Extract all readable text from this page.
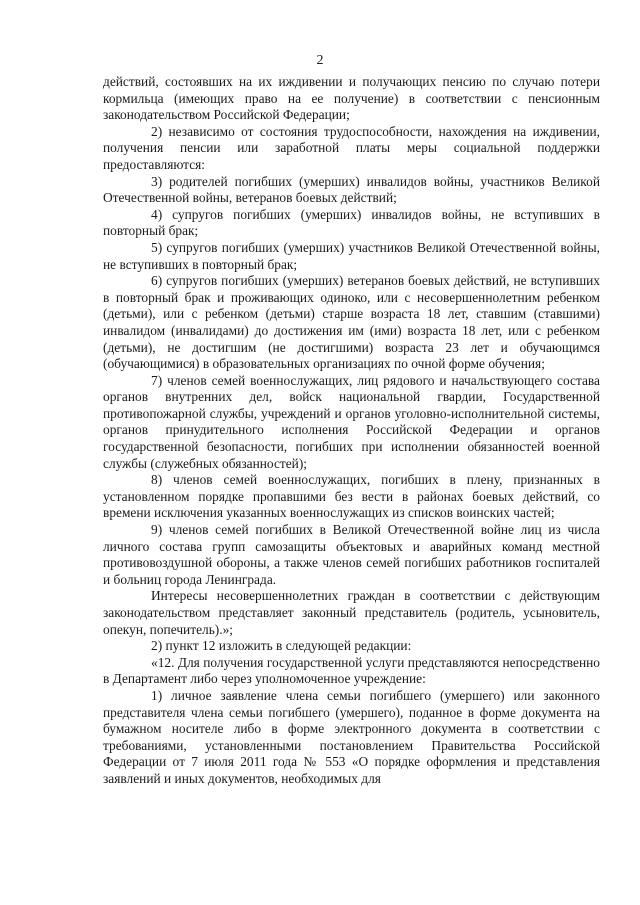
2

действий, состоявших на их иждивении и получающих пенсию по случаю потери кормильца (имеющих право на ее получение) в соответствии с пенсионным законодательством Российской Федерации;

2) независимо от состояния трудоспособности, нахождения на иждивении, получения пенсии или заработной платы меры социальной поддержки предоставляются:

3) родителей погибших (умерших) инвалидов войны, участников Великой Отечественной войны, ветеранов боевых действий;

4) супругов погибших (умерших) инвалидов войны, не вступивших в повторный брак;

5) супругов погибших (умерших) участников Великой Отечественной войны, не вступивших в повторный брак;

6) супругов погибших (умерших) ветеранов боевых действий, не вступивших в повторный брак и проживающих одиноко, или с несовершеннолетним ребенком (детьми), или с ребенком (детьми) старше возраста 18 лет, ставшим (ставшими) инвалидом (инвалидами) до достижения им (ими) возраста 18 лет, или с ребенком (детьми), не достигшим (не достигшими) возраста 23 лет и обучающимся (обучающимися) в образовательных организациях по очной форме обучения;

7) членов семей военнослужащих, лиц рядового и начальствующего состава органов внутренних дел, войск национальной гвардии, Государственной противопожарной службы, учреждений и органов уголовно-исполнительной системы, органов принудительного исполнения Российской Федерации и органов государственной безопасности, погибших при исполнении обязанностей военной службы (служебных обязанностей);

8) членов семей военнослужащих, погибших в плену, признанных в установленном порядке пропавшими без вести в районах боевых действий, со времени исключения указанных военнослужащих из списков воинских частей;

9) членов семей погибших в Великой Отечественной войне лиц из числа личного состава групп самозащиты объектовых и аварийных команд местной противовоздушной обороны, а также членов семей погибших работников госпиталей и больниц города Ленинграда.

Интересы несовершеннолетних граждан в соответствии с действующим законодательством представляет законный представитель (родитель, усыновитель, опекун, попечитель).»;

2) пункт 12 изложить в следующей редакции:

«12. Для получения государственной услуги представляются непосредственно в Департамент либо через уполномоченное учреждение:

1) личное заявление члена семьи погибшего (умершего) или законного представителя члена семьи погибшего (умершего), поданное в форме документа на бумажном носителе либо в форме электронного документа в соответствии с требованиями, установленными постановлением Правительства Российской Федерации от 7 июля 2011 года № 553 «О порядке оформления и представления заявлений и иных документов, необходимых для
